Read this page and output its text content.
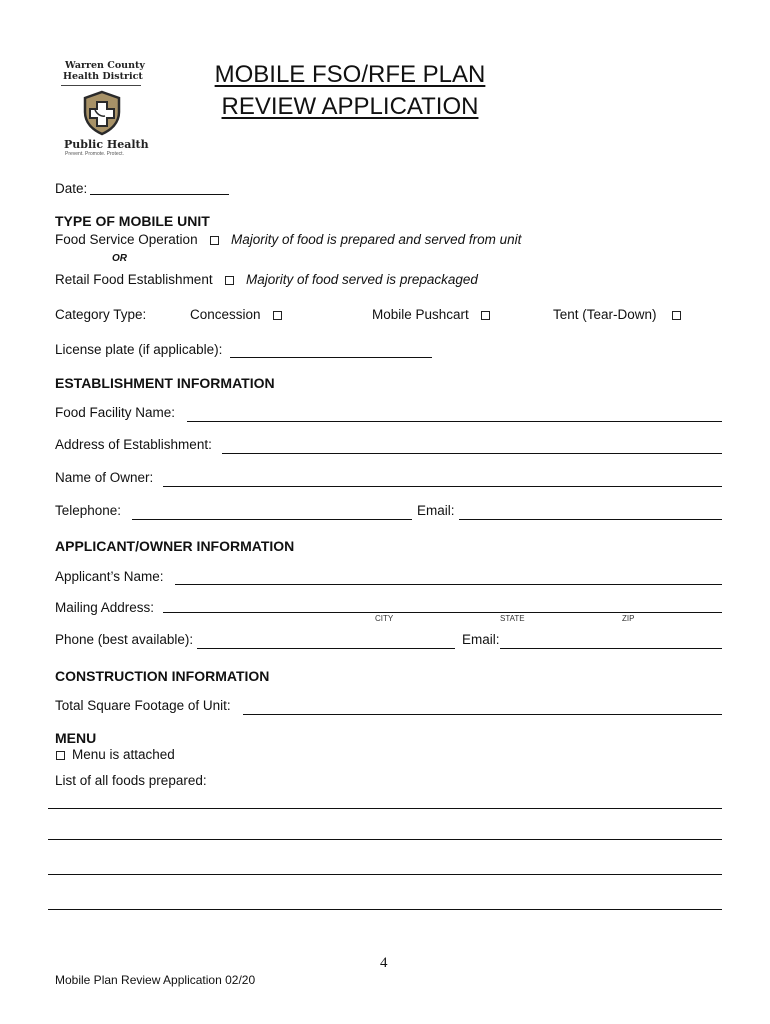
Warren County
Health District
Public Health
Prevent. Promote. Protect.
MOBILE FSO/RFE PLAN
REVIEW APPLICATION
Date:
TYPE OF MOBILE UNIT
Food Service Operation Majority of food is prepared and served from unit
OR
Retail Food Establishment Majority of food served is prepackaged
Category Type:	Concession	Mobile Pushcart	Tent (Tear-Down)
License plate (if applicable):
ESTABLISHMENT INFORMATION
Food Facility Name:
Address of Establishment:
Name of Owner:
Telephone:	Email:
APPLICANT/OWNER INFORMATION
Applicant’s Name:
Mailing Address:
CITY	STATE	ZIP
Phone (best available):	Email:
CONSTRUCTION INFORMATION
Total Square Footage of Unit:
MENU
Menu is attached
List of all foods prepared:
4
Mobile Plan Review Application 02/20
